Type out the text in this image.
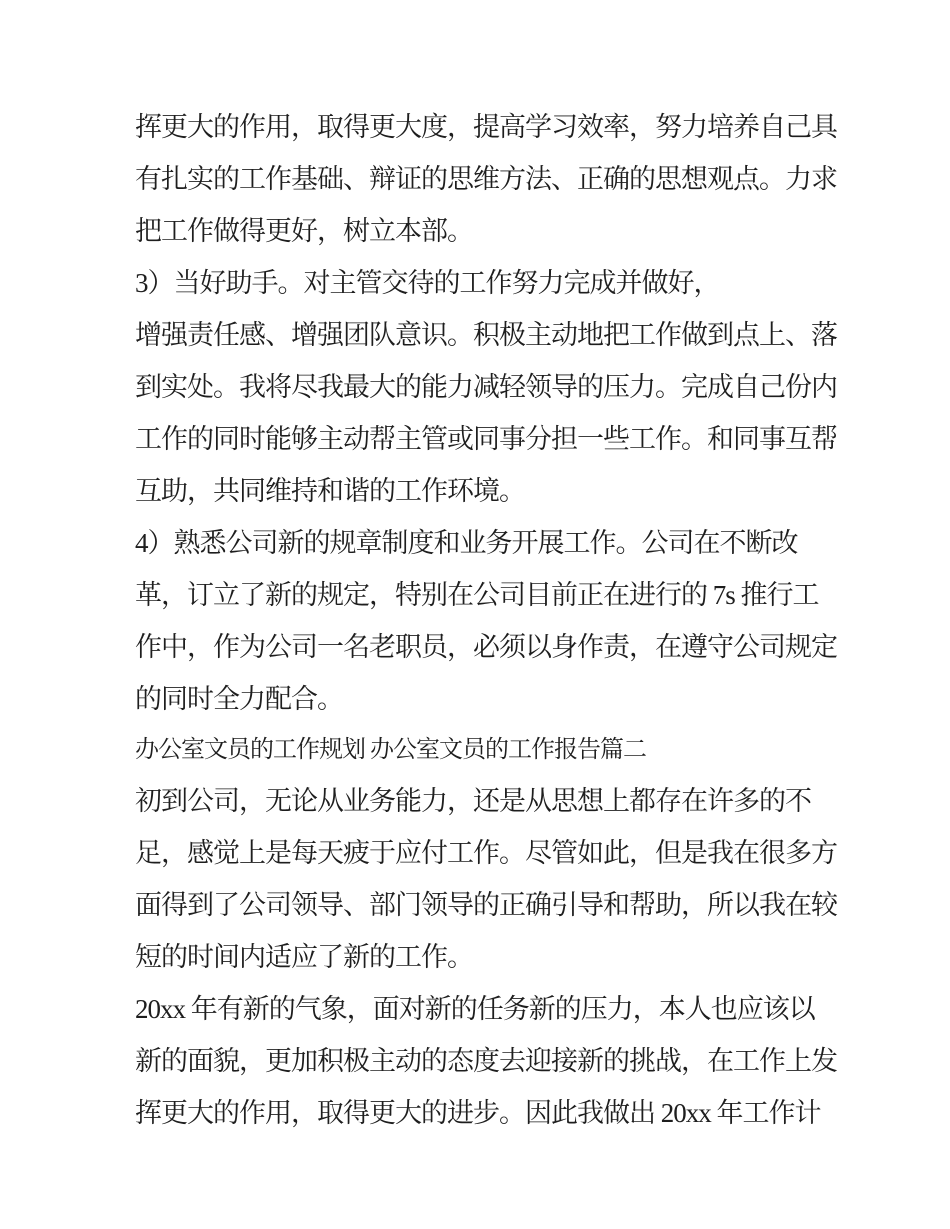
挥更大的作用，取得更大度，提高学习效率，努力培养自己具
有扎实的工作基础、辩证的思维方法、正确的思想观点。力求
把工作做得更好，树立本部。
3）当好助手。对主管交待的工作努力完成并做好，
增强责任感、增强团队意识。积极主动地把工作做到点上、落
到实处。我将尽我最大的能力减轻领导的压力。完成自己份内
工作的同时能够主动帮主管或同事分担一些工作。和同事互帮
互助，共同维持和谐的工作环境。
4）熟悉公司新的规章制度和业务开展工作。公司在不断改
革，订立了新的规定，特别在公司目前正在进行的 7s 推行工
作中，作为公司一名老职员，必须以身作责，在遵守公司规定
的同时全力配合。
办公室文员的工作规划 办公室文员的工作报告篇二
初到公司，无论从业务能力，还是从思想上都存在许多的不
足，感觉上是每天疲于应付工作。尽管如此，但是我在很多方
面得到了公司领导、部门领导的正确引导和帮助，所以我在较
短的时间内适应了新的工作。
20xx 年有新的气象，面对新的任务新的压力，本人也应该以
新的面貌，更加积极主动的态度去迎接新的挑战，在工作上发
挥更大的作用，取得更大的进步。因此我做出 20xx 年工作计
